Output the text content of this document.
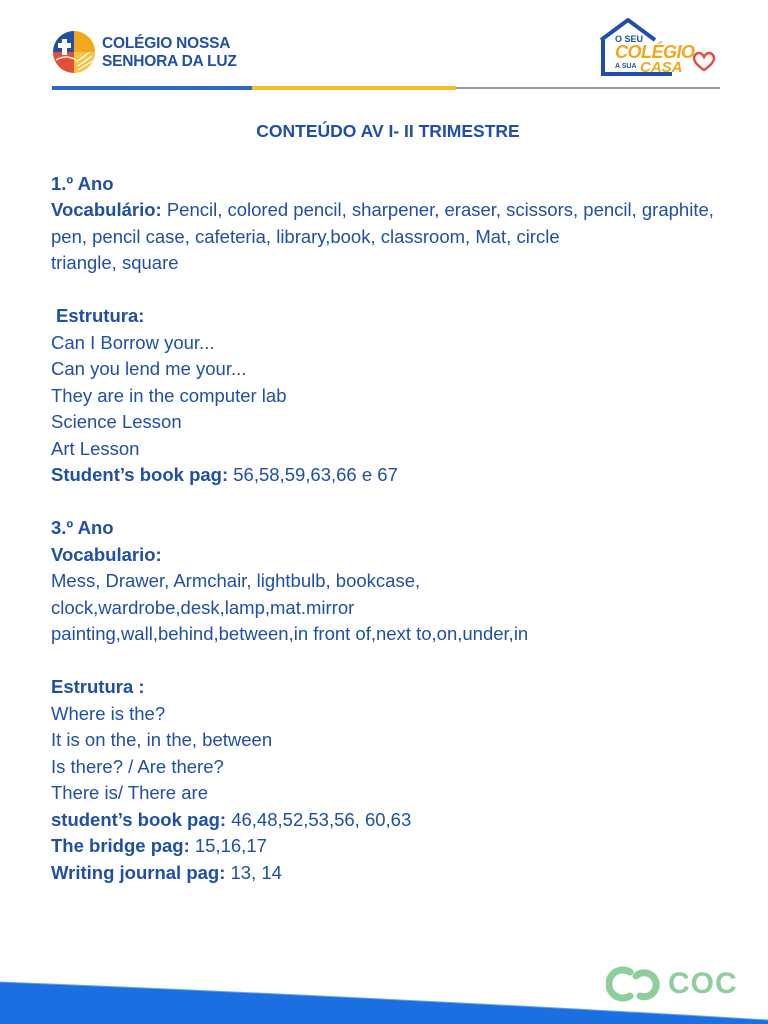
COLÉGIO NOSSA
SENHORA DA LUZ
O SEU
COLÉGIO
A SUA CASA
CONTEÚDO AV I- II TRIMESTRE

1.º Ano

Vocabulário: Pencil, colored pencil, sharpener, eraser, scissors, pencil, graphite, pen, pencil case, cafeteria, library,book, classroom, Mat, circle

triangle, square

Estrutura:

Can I Borrow your...

Can you lend me your...

They are in the computer lab

Science Lesson

Art Lesson

Student’s book pag: 56,58,59,63,66 e 67

3.º Ano

Vocabulario:

Mess, Drawer, Armchair, lightbulb, bookcase,

clock,wardrobe,desk,lamp,mat.mirror

painting,wall,behind,between,in front of,next to,on,under,in

Estrutura :

Where is the?

It is on the, in the, between

Is there? / Are there?

There is/ There are

student’s book pag: 46,48,52,53,56, 60,63

The bridge pag: 15,16,17

Writing journal pag: 13, 14

COC
